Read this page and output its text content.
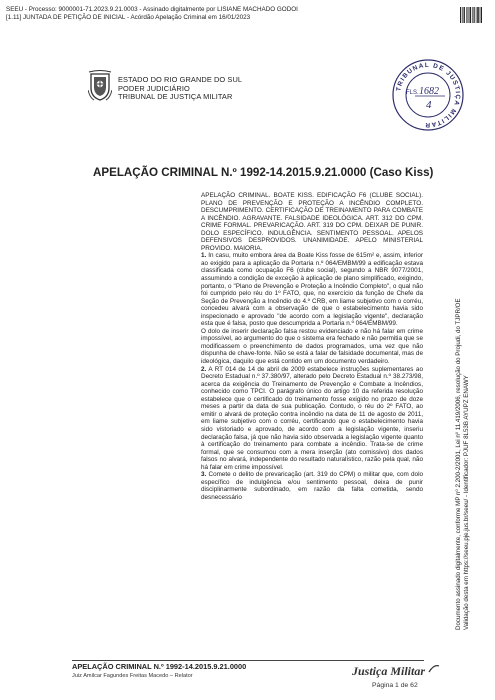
SEEU - Processo: 9000001-71.2023.9.21.0003 - Assinado digitalmente por LISIANE MACHADO GODOI
[1.11] JUNTADA DE PETIÇÃO DE INICIAL - Acórdão Apelação Criminal em 16/01/2023
ESTADO DO RIO GRANDE DO SUL
PODER JUDICIÁRIO
TRIBUNAL DE JUSTIÇA MILITAR
TRIBUNAL DE JUSTIÇA MILITAR
FLS. 1682
4
APELAÇÃO CRIMINAL N.º 1992-14.2015.9.21.0000 (Caso Kiss)

APELAÇÃO CRIMINAL. BOATE KISS. EDIFICAÇÃO F6 (CLUBE SOCIAL). PLANO DE PREVENÇÃO E PROTEÇÃO A INCÊNDIO COMPLETO. DESCUMPRIMENTO. CERTIFICAÇÃO DE TREINAMENTO PARA COMBATE A INCÊNDIO. AGRAVANTE. FALSIDADE IDEOLÓGICA. ART. 312 DO CPM. CRIME FORMAL. PREVARICAÇÃO. ART. 319 DO CPM. DEIXAR DE PUNIR. DOLO ESPECÍFICO. INDULGÊNCIA. SENTIMENTO PESSOAL. APELOS DEFENSIVOS DESPROVIDOS. UNANIMIDADE. APELO MINISTERIAL PROVIDO. MAIORIA.

1. In casu, muito embora área da Boate Kiss fosse de 615m² e, assim, inferior ao exigido para a aplicação da Portaria n.º 064/EMBM/99 a edificação estava classificada como ocupação F6 (clube social), segundo a NBR 9077/2001, assumindo a condição de exceção à aplicação de plano simplificado, exigindo, portanto, o "Plano de Prevenção e Proteção a Incêndio Completo", o qual não foi cumprido pelo réu do 1º FATO, que, no exercício da função de Chefe da Seção de Prevenção a Incêndio do 4.º CRB, em liame subjetivo com o corréu, concedeu alvará com a observação de que o estabelecimento havia sido inspecionado e aprovado "de acordo com a legislação vigente", declaração esta que é falsa, posto que descumprida a Portaria n.º 064/EMBM/99.

O dolo de inserir declaração falsa restou evidenciado e não há falar em crime impossível, ao argumento do que o sistema era fechado e não permitia que se modificassem o preenchimento de dados programados, uma vez que não dispunha de chave-fonte. Não se está a falar de falsidade documental, mas de ideológica, daquilo que está contido em um documento verdadeiro.

2. A RT 014 de 14 de abril de 2009 estabelece instruções suplementares ao Decreto Estadual n.º 37.380/97, alterado pelo Decreto Estadual n.º 38.273/98, acerca da exigência do Treinamento de Prevenção e Combate a Incêndios, conhecido como TPCI. O parágrafo único do artigo 10 da referida resolução estabelece que o certificado do treinamento fosse exigido no prazo de doze meses a partir da data de sua publicação. Contudo, o réu do 2º FATO, ao emitir o alvará de proteção contra incêndio na data de 11 de agosto de 2011, em liame subjetivo com o corréu, certificando que o estabelecimento havia sido vistoriado e aprovado, de acordo com a legislação vigente, inseriu declaração falsa, já que não havia sido observada a legislação vigente quanto à certificação do treinamento para combate a incêndio. Trata-se de crime formal, que se consumou com a mera inserção (ato comissivo) dos dados falsos no alvará, independente do resultado naturalístico, razão pela qual, não há falar em crime impossível.

3. Comete o delito de prevaricação (art. 319 do CPM) o militar que, com dolo específico de indulgência e/ou sentimento pessoal, deixa de punir disciplinarmente subordinado, em razão da falta cometida, sendo desnecessário

APELAÇÃO CRIMINAL N.º 1992-14.2015.9.21.0000
Juiz Amilcar Fagundes Freitas Macedo – Relator	Justiça Militar
Página 1 de 62
Documento assinado digitalmente, conforme MP nº 2.200-2/2001, Lei nº 11.419/2006, resolução do Projudi, do TJPR/OE Validação desta em https://seeu.pje.jus.br/seeu/ - Identificador: PJUF 8L53B AYUPZ ENAWY
